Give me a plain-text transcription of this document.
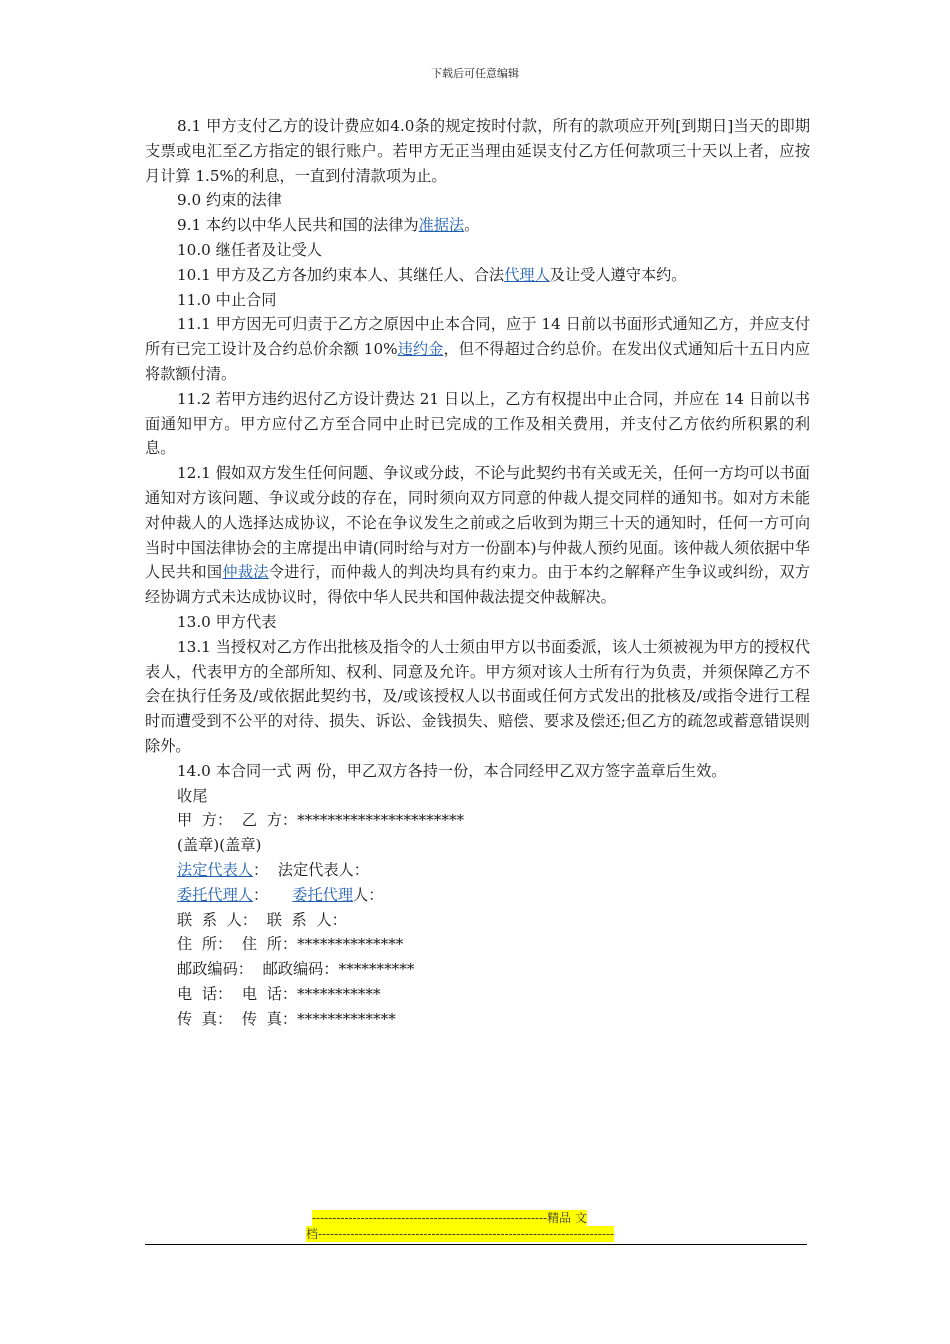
下载后可任意编辑

8.1 甲方支付乙方的设计费应如4.0条的规定按时付款，所有的款项应开列[到期日]当天的即期支票或电汇至乙方指定的银行账户。若甲方无正当理由延误支付乙方任何款项三十天以上者，应按月计算 1.5%的利息，一直到付清款项为止。

9.0 约束的法律

9.1 本约以中华人民共和国的法律为准据法。

10.0 继任者及让受人

10.1 甲方及乙方各加约束本人、其继任人、合法代理人及让受人遵守本约。

11.0 中止合同

11.1 甲方因无可归责于乙方之原因中止本合同，应于 14 日前以书面形式通知乙方，并应支付所有已完工设计及合约总价余额 10%违约金，但不得超过合约总价。在发出仪式通知后十五日内应将款额付清。

11.2 若甲方违约迟付乙方设计费达 21 日以上，乙方有权提出中止合同，并应在 14 日前以书面通知甲方。甲方应付乙方至合同中止时已完成的工作及相关费用，并支付乙方依约所积累的利息。

12.1 假如双方发生任何问题、争议或分歧，不论与此契约书有关或无关，任何一方均可以书面通知对方该问题、争议或分歧的存在，同时须向双方同意的仲裁人提交同样的通知书。如对方未能对仲裁人的人选择达成协议，不论在争议发生之前或之后收到为期三十天的通知时，任何一方可向当时中国法律协会的主席提出申请(同时给与对方一份副本)与仲裁人预约见面。该仲裁人须依据中华人民共和国仲裁法令进行，而仲裁人的判决均具有约束力。由于本约之解释产生争议或纠纷，双方经协调方式未达成协议时，得依中华人民共和国仲裁法提交仲裁解决。

13.0 甲方代表

13.1 当授权对乙方作出批核及指令的人士须由甲方以书面委派，该人士须被视为甲方的授权代表人，代表甲方的全部所知、权利、同意及允许。甲方须对该人士所有行为负责，并须保障乙方不会在执行任务及/或依据此契约书，及/或该授权人以书面或任何方式发出的批核及/或指令进行工程时而遭受到不公平的对待、损失、诉讼、金钱损失、赔偿、要求及偿还;但乙方的疏忽或蓄意错误则除外。

14.0 本合同一式 两 份，甲乙双方各持一份，本合同经甲乙双方签字盖章后生效。

收尾

甲  方：  乙  方：**********************

(盖章)(盖章)

法定代表人：  法定代表人：

委托代理人：     委托代理人：

联  系  人：  联  系  人：

住  所：  住  所：**************

邮政编码：  邮政编码：**********

电  话：  电  话：***********

传  真：  传  真：*************

----------------------------------------------------------精品 文
档-------------------------------------------------------------------------
